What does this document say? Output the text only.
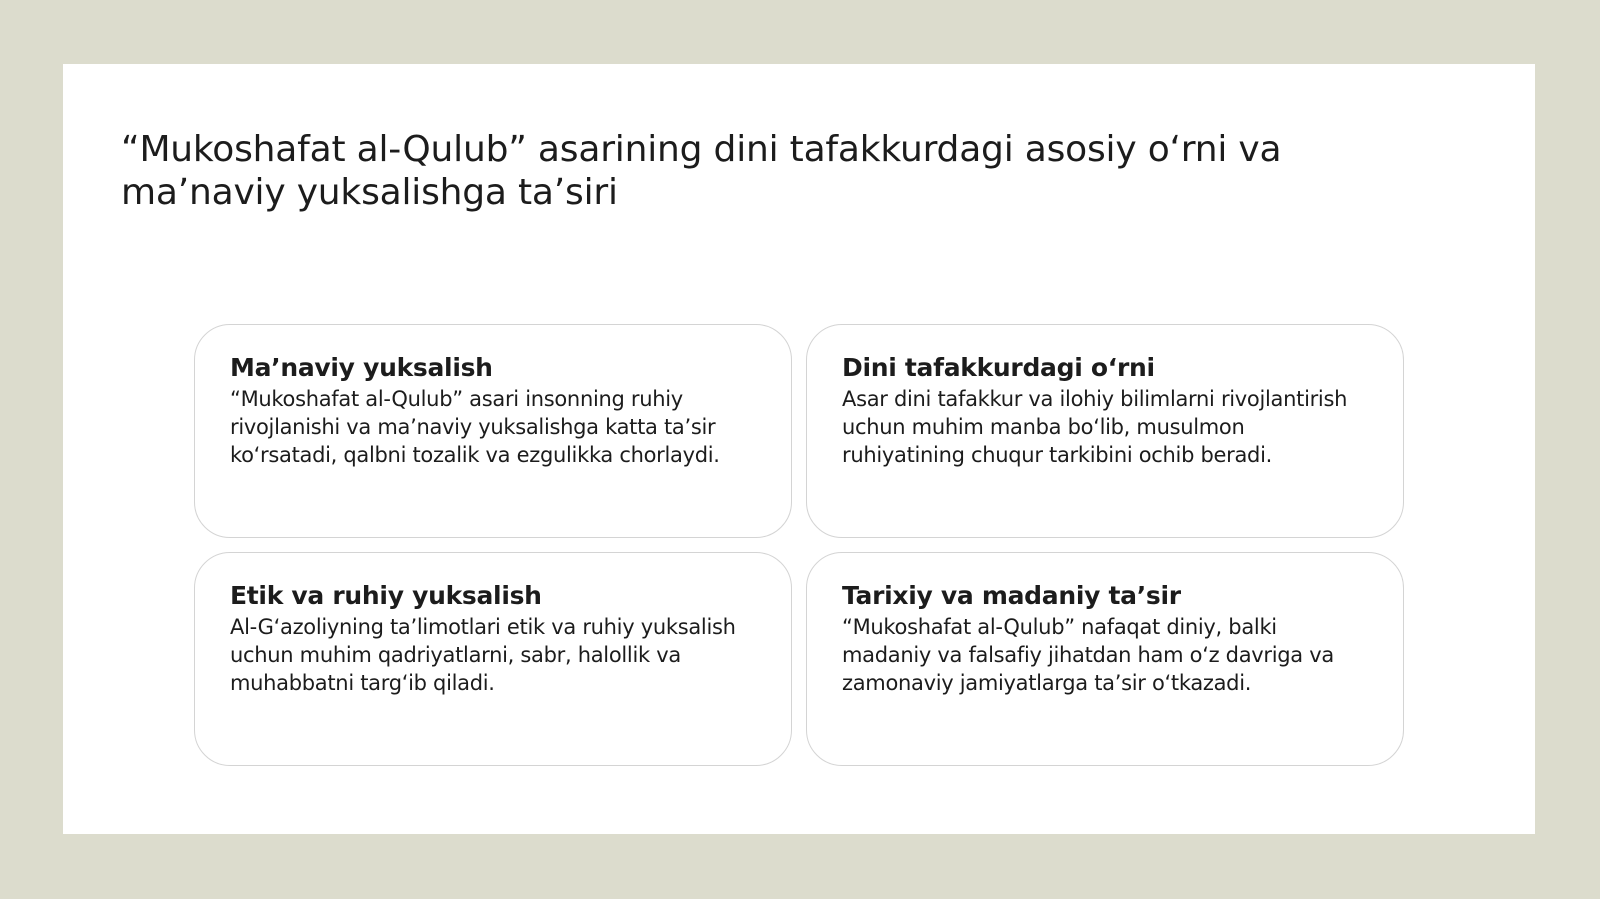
“Mukoshafat al-Qulub” asarining dini tafakkurdagi asosiy o‘rni va ma’naviy yuksalishga ta’siri
Ma’naviy yuksalish

“Mukoshafat al-Qulub” asari insonning ruhiy rivojlanishi va ma’naviy yuksalishga katta ta’sir ko‘rsatadi, qalbni tozalik va ezgulikka chorlaydi.

Dini tafakkurdagi o‘rni

Asar dini tafakkur va ilohiy bilimlarni rivojlantirish uchun muhim manba bo‘lib, musulmon ruhiyatining chuqur tarkibini ochib beradi.

Etik va ruhiy yuksalish

Al-G‘azoliyning ta’limotlari etik va ruhiy yuksalish uchun muhim qadriyatlarni, sabr, halollik va muhabbatni targ‘ib qiladi.

Tarixiy va madaniy ta’sir

“Mukoshafat al-Qulub” nafaqat diniy, balki madaniy va falsafiy jihatdan ham o‘z davriga va zamonaviy jamiyatlarga ta’sir o‘tkazadi.
